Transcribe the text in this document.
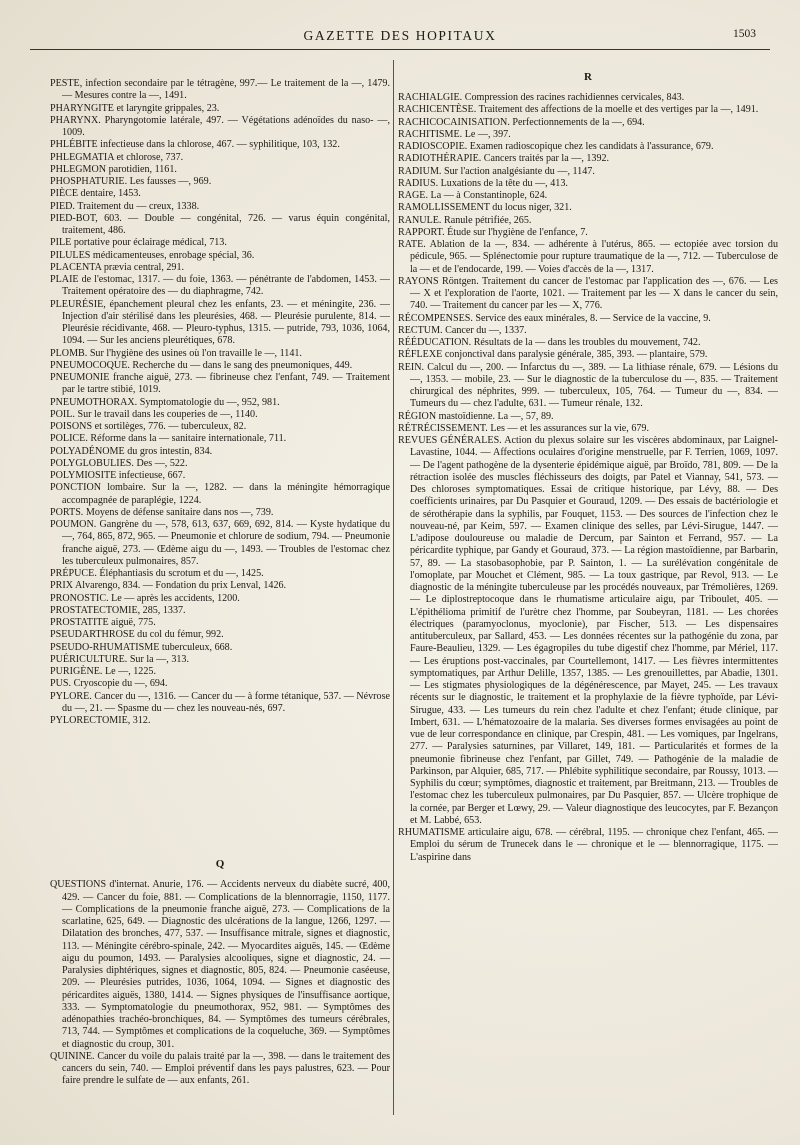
GAZETTE DES HOPITAUX	1503

PESTE, infection secondaire par le tétragène, 997.— Le traitement de la —, 1479. — Mesures contre la —, 1491.

PHARYNGITE et laryngite grippales, 23.

PHARYNX. Pharyngotomie latérale, 497. — Végétations adénoïdes du naso- —, 1009.

PHLÉBITE infectieuse dans la chlorose, 467. — syphilitique, 103, 132.

PHLEGMATIA et chlorose, 737.

PHLEGMON parotidien, 1161.

PHOSPHATURIE. Les fausses —, 969.

PIÈCE dentaire, 1453.

PIED. Traitement du — creux, 1338.

PIED-BOT, 603. — Double — congénital, 726. — varus équin congénital, traitement, 486.

PILE portative pour éclairage médical, 713.

PILULES médicamenteuses, enrobage spécial, 36.

PLACENTA prævia central, 291.

PLAIE de l'estomac, 1317. — du foie, 1363. — pénétrante de l'abdomen, 1453. — Traitement opératoire des — du diaphragme, 742.

PLEURÉSIE, épanchement pleural chez les enfants, 23. — et méningite, 236. — Injection d'air stérilisé dans les pleurésies, 468. — Pleurésie purulente, 814. — Pleurésie récidivante, 468. — Pleuro-typhus, 1315. — putride, 793, 1036, 1064, 1094. — Sur les anciens pleurétiques, 678.

PLOMB. Sur l'hygiène des usines où l'on travaille le —, 1141.

PNEUMOCOQUE. Recherche du — dans le sang des pneumoniques, 449.

PNEUMONIE franche aiguë, 273. — fibrineuse chez l'enfant, 749. — Traitement par le tartre stibié, 1019.

PNEUMOTHORAX. Symptomatologie du —, 952, 981.

POIL. Sur le travail dans les couperies de —, 1140.

POISONS et sortilèges, 776. — tuberculeux, 82.

POLICE. Réforme dans la — sanitaire internationale, 711.

POLYADÉNOME du gros intestin, 834.

POLYGLOBULIES. Des —, 522.

POLYMIOSITE infectieuse, 667.

PONCTION lombaire. Sur la —, 1282. — dans la méningite hémorragique accompagnée de paraplégie, 1224.

PORTS. Moyens de défense sanitaire dans nos —, 739.

POUMON. Gangrène du —, 578, 613, 637, 669, 692, 814. — Kyste hydatique du —, 764, 865, 872, 965. — Pneumonie et chlorure de sodium, 794. — Pneumonie franche aiguë, 273. — Œdème aigu du —, 1493. — Troubles de l'estomac chez les tuberculeux pulmonaires, 857.

PRÉPUCE. Éléphantiasis du scrotum et du —, 1425.

PRIX Alvarengo, 834. — Fondation du prix Lenval, 1426.

PRONOSTIC. Le — après les accidents, 1200.

PROSTATECTOMIE, 285, 1337.

PROSTATITE aiguë, 775.

PSEUDARTHROSE du col du fémur, 992.

PSEUDO-RHUMATISME tuberculeux, 668.

PUÉRICULTURE. Sur la —, 313.

PURIGÈNE. Le —, 1225.

PUS. Cryoscopie du —, 694.

PYLORE. Cancer du —, 1316. — Cancer du — à forme tétanique, 537. — Névrose du —, 21. — Spasme du — chez les nouveau-nés, 697.

PYLORECTOMIE, 312.

Q

QUESTIONS d'internat. Anurie, 176. — Accidents nerveux du diabète sucré, 400, 429. — Cancer du foie, 881. — Complications de la blennorragie, 1150, 1177. — Complications de la pneumonie franche aiguë, 273. — Complications de la scarlatine, 625, 649. — Diagnostic des ulcérations de la langue, 1266, 1297. — Dilatation des bronches, 477, 537. — Insuffisance mitrale, signes et diagnostic, 113. — Méningite cérébro-spinale, 242. — Myocardites aiguës, 145. — Œdème aigu du poumon, 1493. — Paralysies alcooliques, signe et diagnostic, 24. — Paralysies diphtériques, signes et diagnostic, 805, 824. — Pneumonie caséeuse, 209. — Pleurésies putrides, 1036, 1064, 1094. — Signes et diagnostic des péricardites aiguës, 1380, 1414. — Signes physiques de l'insuffisance aortique, 333. — Symptomatologie du pneumothorax, 952, 981. — Symptômes des adénopathies trachéo-bronchiques, 84. — Symptômes des tumeurs cérébrales, 713, 744. — Symptômes et complications de la coqueluche, 369. — Symptômes et diagnostic du croup, 301.

QUININE. Cancer du voile du palais traité par la —, 398. — dans le traitement des cancers du sein, 740. — Emploi préventif dans les pays palustres, 623. — Pour faire prendre le sulfate de — aux enfants, 261.

R

RACHIALGIE. Compression des racines rachidiennes cervicales, 843.

RACHICENTÈSE. Traitement des affections de la moelle et des vertiges par la —, 1491.

RACHICOCAINISATION. Perfectionnements de la —, 694.

RACHITISME. Le —, 397.

RADIOSCOPIE. Examen radioscopique chez les candidats à l'assurance, 679.

RADIOTHÉRAPIE. Cancers traités par la —, 1392.

RADIUM. Sur l'action analgésiante du —, 1147.

RADIUS. Luxations de la tête du —, 413.

RAGE. La — à Constantinople, 624.

RAMOLLISSEMENT du locus niger, 321.

RANULE. Ranule pétrifiée, 265.

RAPPORT. Étude sur l'hygiène de l'enfance, 7.

RATE. Ablation de la —, 834. — adhérente à l'utérus, 865. — ectopiée avec torsion du pédicule, 965. — Splénectomie pour rupture traumatique de la —, 712. — Tuberculose de la — et de l'endocarde, 199. — Voies d'accès de la —, 1317.

RAYONS Röntgen. Traitement du cancer de l'estomac par l'application des —, 676. — Les — X et l'exploration de l'aorte, 1021. — Traitement par les — X dans le cancer du sein, 740. — Traitement du cancer par les — X, 776.

RÉCOMPENSES. Service des eaux minérales, 8. — Service de la vaccine, 9.

RECTUM. Cancer du —, 1337.

RÉÉDUCATION. Résultats de la — dans les troubles du mouvement, 742.

RÉFLEXE conjonctival dans paralysie générale, 385, 393. — plantaire, 579.

REIN. Calcul du —, 200. — Infarctus du —, 389. — La lithiase rénale, 679. — Lésions du —, 1353. — mobile, 23. — Sur le diagnostic de la tuberculose du —, 835. — Traitement chirurgical des néphrites, 999. — tuberculeux, 105, 764. — Tumeur du —, 834. — Tumeurs du — chez l'adulte, 631. — Tumeur rénale, 132.

RÉGION mastoïdienne. La —, 57, 89.

RÉTRÉCISSEMENT. Les — et les assurances sur la vie, 679.

REVUES GÉNÉRALES. Action du plexus solaire sur les viscères abdominaux, par Laignel-Lavastine, 1044. — Affections oculaires d'origine menstruelle, par F. Terrien, 1069, 1097. — De l'agent pathogène de la dysenterie épidémique aiguë, par Broïdo, 781, 809. — De la rétraction isolée des muscles fléchisseurs des doigts, par Patel et Viannay, 541, 573. — Des chloroses symptomatiques. Essai de critique historique, par Lévy, 88. — Des coefficients urinaires, par Du Pasquier et Gouraud, 1209. — Des essais de bactériologie et de sérothérapie dans la syphilis, par Fouquet, 1153. — Des sources de l'infection chez le nouveau-né, par Keim, 597. — Examen clinique des selles, par Lévi-Sirugue, 1447. — L'adipose douloureuse ou maladie de Dercum, par Sainton et Ferrand, 957. — La péricardite typhique, par Gandy et Gouraud, 373. — La région mastoïdienne, par Barbarin, 57, 89. — La stasobasophobie, par P. Sainton, 1. — La surélévation congénitale de l'omoplate, par Mouchet et Clément, 985. — La toux gastrique, par Revol, 913. — Le diagnostic de la méningite tuberculeuse par les procédés nouveaux, par Trémolières, 1269. — Le diplostreptocoque dans le rhumatisme articulaire aigu, par Triboulet, 405. — L'épithélioma primitif de l'urètre chez l'homme, par Soubeyran, 1181. — Les chorées électriques (paramyoclonus, myoclonie), par Fischer, 513. — Les dispensaires antituberculeux, par Sallard, 453. — Les données récentes sur la pathogénie du zona, par Faure-Beaulieu, 1329. — Les égagropiles du tube digestif chez l'homme, par Mériel, 117. — Les éruptions post-vaccinales, par Courtellemont, 1417. — Les fièvres intermittentes symptomatiques, par Arthur Delille, 1357, 1385. — Les grenouillettes, par Abadie, 1301. — Les stigmates physiologiques de la dégénérescence, par Mayet, 245. — Les travaux récents sur le diagnostic, le traitement et la prophylaxie de la fièvre typhoïde, par Lévi-Sirugue, 433. — Les tumeurs du rein chez l'adulte et chez l'enfant; étude clinique, par Imbert, 631. — L'hématozoaire de la malaria. Ses diverses formes envisagées au point de vue de leur correspondance en clinique, par Crespin, 481. — Les vomiques, par Ingelrans, 277. — Paralysies saturnines, par Villaret, 149, 181. — Particularités et formes de la pneumonie fibrineuse chez l'enfant, par Gillet, 749. — Pathogénie de la maladie de Parkinson, par Alquier, 685, 717. — Phlébite syphilitique secondaire, par Roussy, 1013. — Syphilis du cœur; symptômes, diagnostic et traitement, par Breitmann, 213. — Troubles de l'estomac chez les tuberculeux pulmonaires, par Du Pasquier, 857. — Ulcère trophique de la cornée, par Berger et Lœwy, 29. — Valeur diagnostique des leucocytes, par F. Bezançon et M. Labbé, 653.

RHUMATISME articulaire aigu, 678. — cérébral, 1195. — chronique chez l'enfant, 465. — Emploi du sérum de Trunecek dans le — chronique et le — blennorragique, 1175. — L'aspirine dans
